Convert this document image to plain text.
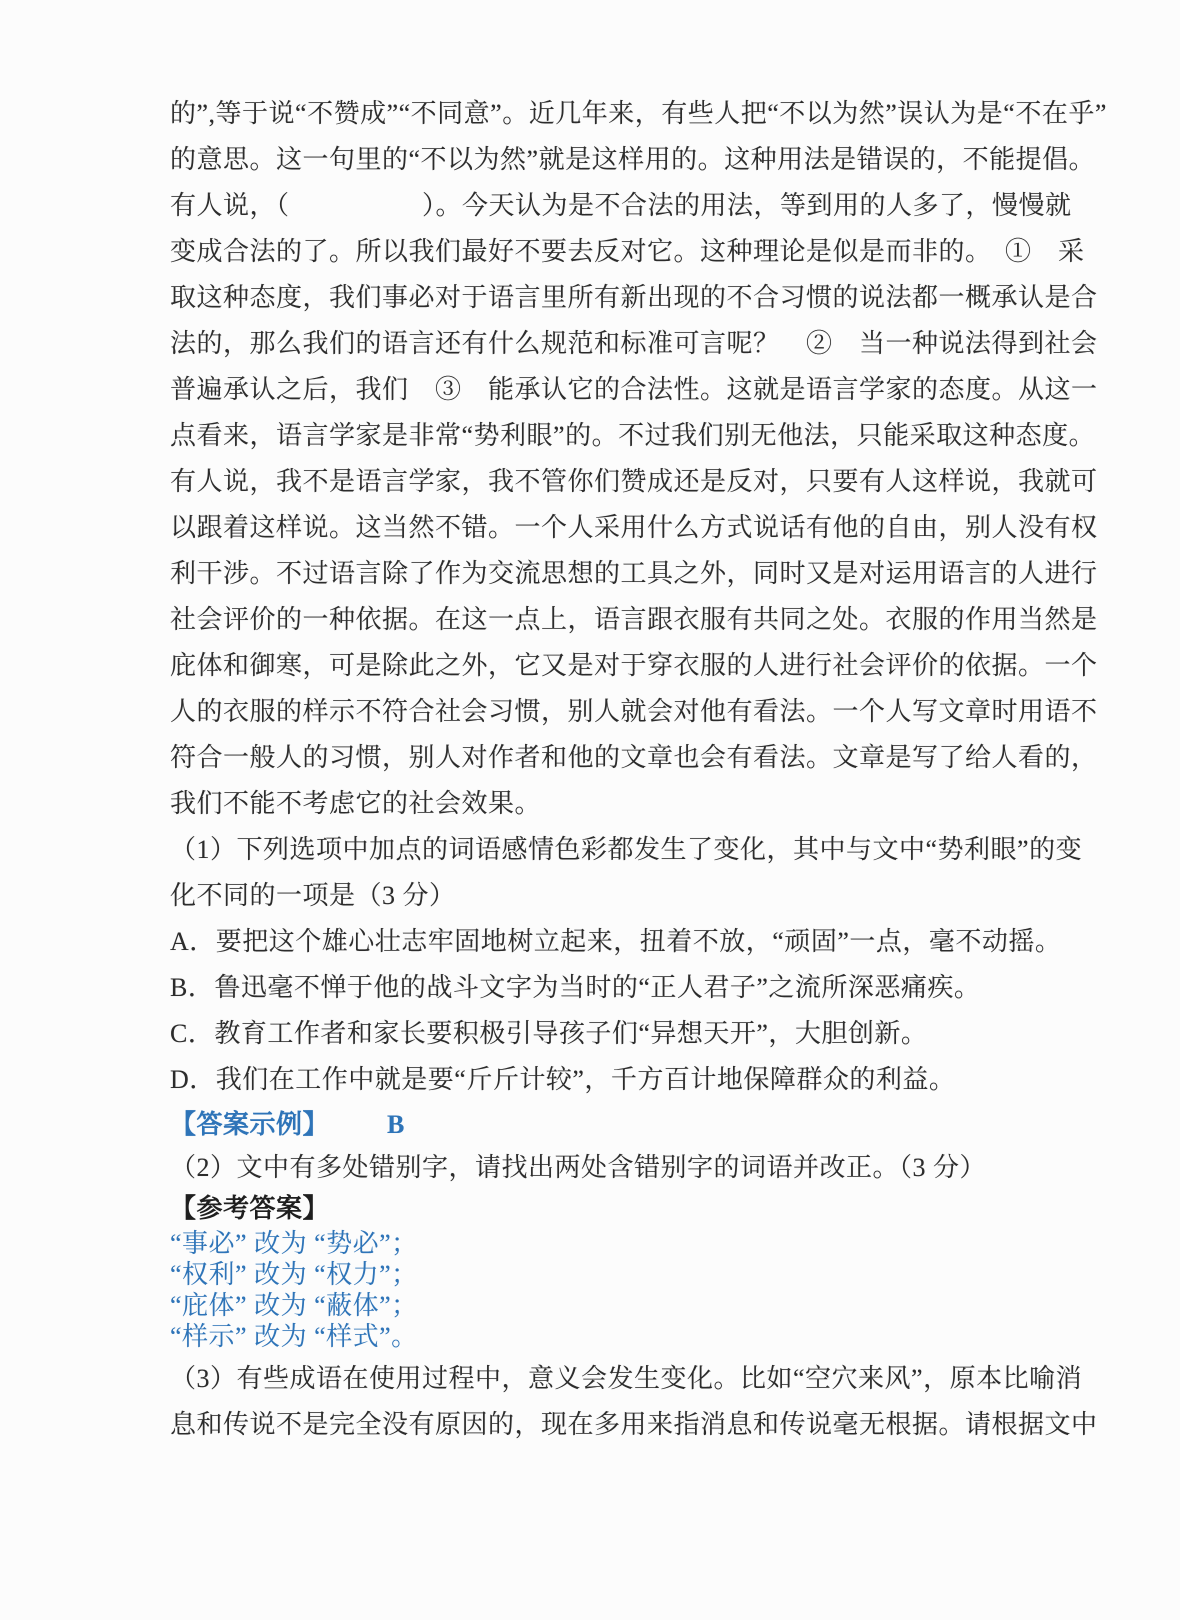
的”,等于说“不赞成”“不同意”。近几年来，有些人把“不以为然”误认为是“不在乎”
的意思。这一句里的“不以为然”就是这样用的。这种用法是错误的，不能提倡。
有人说，（　　　　　）。今天认为是不合法的用法，等到用的人多了，慢慢就
变成合法的了。所以我们最好不要去反对它。这种理论是似是而非的。　①　采
取这种态度，我们事必对于语言里所有新出现的不合习惯的说法都一概承认是合
法的，那么我们的语言还有什么规范和标准可言呢？　②　当一种说法得到社会
普遍承认之后，我们　③　能承认它的合法性。这就是语言学家的态度。从这一
点看来，语言学家是非常“势利眼”的。不过我们别无他法，只能采取这种态度。
有人说，我不是语言学家，我不管你们赞成还是反对，只要有人这样说，我就可
以跟着这样说。这当然不错。一个人采用什么方式说话有他的自由，别人没有权
利干涉。不过语言除了作为交流思想的工具之外，同时又是对运用语言的人进行
社会评价的一种依据。在这一点上，语言跟衣服有共同之处。衣服的作用当然是
庇体和御寒，可是除此之外，它又是对于穿衣服的人进行社会评价的依据。一个
人的衣服的样示不符合社会习惯，别人就会对他有看法。一个人写文章时用语不
符合一般人的习惯，别人对作者和他的文章也会有看法。文章是写了给人看的，
我们不能不考虑它的社会效果。
（1）下列选项中加点的词语感情色彩都发生了变化，其中与文中“势利眼”的变
化不同的一项是（3 分）
A．要把这个雄心壮志牢固地树立起来，扭着不放，“顽固”一点，毫不动摇。
B．鲁迅毫不惮于他的战斗文字为当时的“正人君子”之流所深恶痛疾。
C．教育工作者和家长要积极引导孩子们“异想天开”，大胆创新。
D．我们在工作中就是要“斤斤计较”，千方百计地保障群众的利益。
【答案示例】 B
（2）文中有多处错别字，请找出两处含错别字的词语并改正。（3 分）
【参考答案】
“事必” 改为 “势必”；
“权利” 改为 “权力”；
“庇体” 改为 “蔽体”；
“样示” 改为 “样式”。
（3）有些成语在使用过程中，意义会发生变化。比如“空穴来风”，原本比喻消
息和传说不是完全没有原因的，现在多用来指消息和传说毫无根据。请根据文中
